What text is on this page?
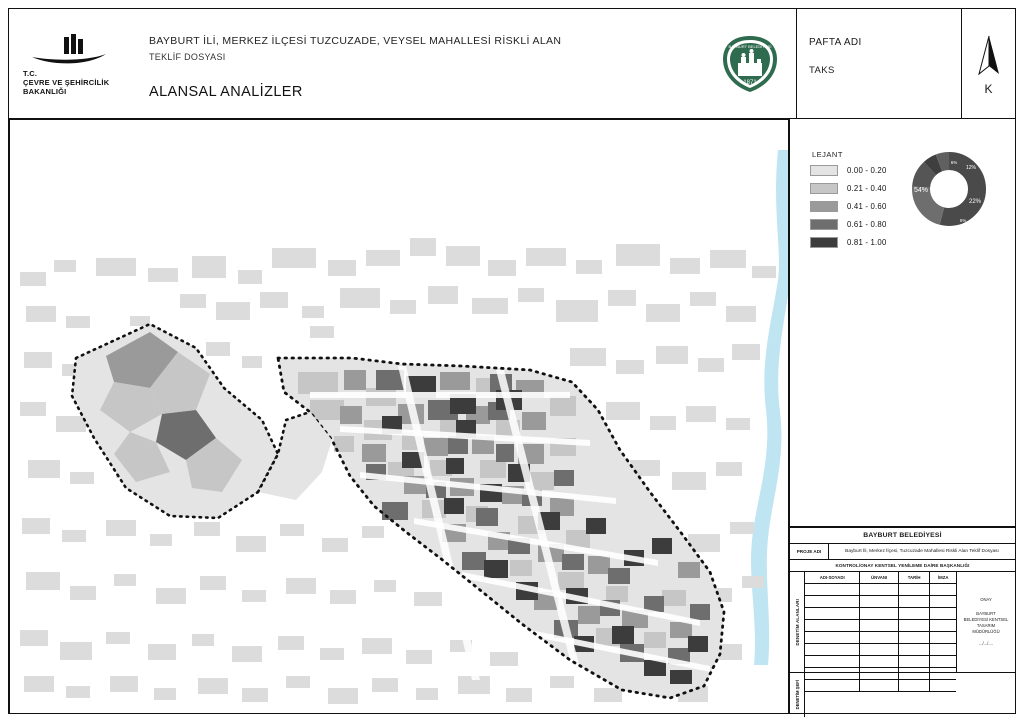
T.C.
ÇEVRE VE ŞEHİRCİLİK
BAKANLIĞI
BAYBURT İLİ, MERKEZ İLÇESİ TUZCUZADE, VEYSEL MAHALLESİ RİSKLİ ALAN
TEKLİF DOSYASI
ALANSAL ANALİZLER
1871
BAYBURT BELEDİYESİ	PAFTA ADI
TAKS
K
LEJANT
0.00 - 0.20
0.21 - 0.40
0.41 - 0.60
0.61 - 0.80
0.81 - 1.00
54%
22%
12%
6%
6%
BAYBURT BELEDİYESİ
PROJE ADI	Bayburt İli, Merkez İlçesi, Tuzcuzade Mahallesi Riskli Alan Teklif Dosyası
KONTROL/ONAY KENTSEL YENİLEME DAİRE BAŞKANLIĞI
DENETİM ALANLARI
ADI-SOYADI	ÜNVANI	TARİH	İMZA

ONAY
BAYBURT
BELEDİYESİ KENTSEL
TASARIM
MÜDÜRLÜĞÜ
.../.../....
DENETİM ŞEFİ
